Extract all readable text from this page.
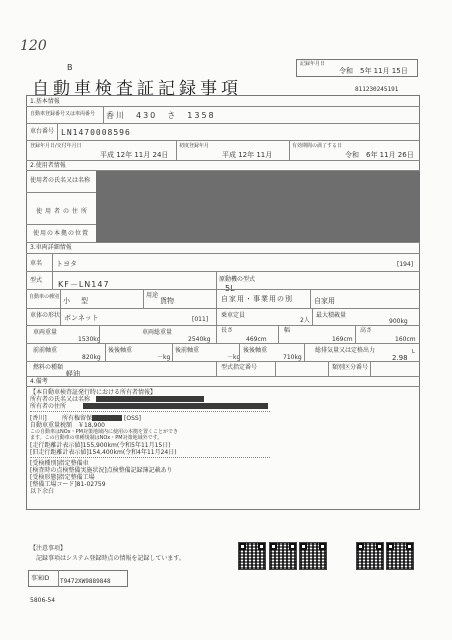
120
B
自動車検査証記録事項
記録年月日
令和　5年 11月 15日
811230245191
1.基本情報
自動車登録番号又は車両番号 香川　430　さ　1358
車台番号 LN1470008596
登録年月日/交付年月日
平成 12年 11月 24日
初度登録年月
平成 12年 11月
有効期間の満了する日
令和　6年 11月 26日
2.使用者情報
使用者の氏名又は名称
使用者の住所
使用の本拠の位置
3.車両詳細情報
車名 トヨタ	[194]
型式 KF－LN147
原動機の型式
5L
自動車の種別 小　型
用途
貨物	自家用・事業用の別	自家用
車体の形状 ボンネット	[011]
乗車定員
2人
最大積載量
900kg
車両重量
1530kg
車両総重量
2540kg
長さ
469cm
幅
169cm
高さ
160cm
前前軸重
820kg
後後軸重
－kg
後前軸重
－kg
後後軸重
710kg
総排気量又は定格出力
2.98
L
燃料の種類
軽油
型式指定番号	類別区分番号
4.備考
【本自動車検査証発行時における所有者情報】
所有者の氏名又は名称
所有者の住所
[香川]　 所有権留保	[OSS]
自動車重量税額　￥18,900
この自動車はNOx・PM対策地域内に使用の本拠を置くことができ
ます。この自動車の車種規制はNOx・PM対策地域外です。
[走行距離計表示値]155,900km(令和5年11月15日)
[旧走行距離計表示値]154,400km(令和4年11月24日)
[受検種別]指定整備車
[検査時の点検整備実施状況]点検整備記録簿記載あり
[受検形態]指定整備工場
[整備工場コード]81-02759
以下余白
【注意事項】
記録事項はシステム登録時点の情報を記録しています。
事案ID T9472XW9889848
5806-54
